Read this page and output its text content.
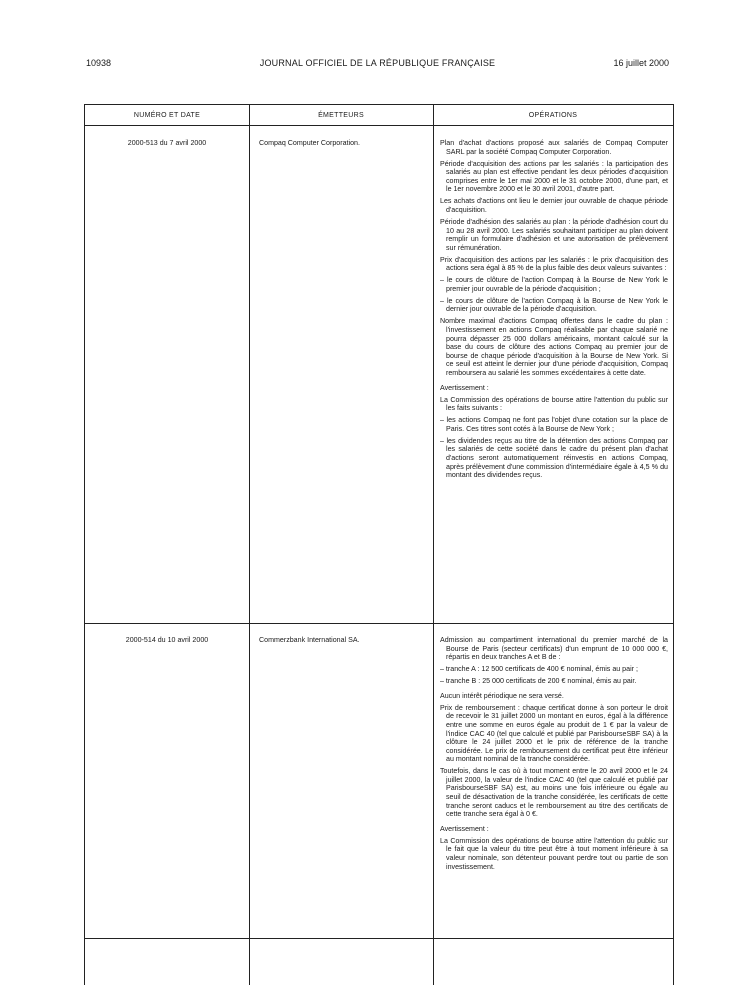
10938	JOURNAL OFFICIEL DE LA RÉPUBLIQUE FRANÇAISE	16 juillet 2000
NUMÉRO ET DATE	ÉMETTEURS	OPÉRATIONS
2000-513 du 7 avril 2000	Compaq Computer Corporation.	Plan d'achat d'actions proposé aux salariés de Compaq Computer SARL par la société Compaq Computer Corporation.

Période d'acquisition des actions par les salariés : la participation des salariés au plan est effective pendant les deux périodes d'acquisition comprises entre le 1er mai 2000 et le 31 octobre 2000, d'une part, et le 1er novembre 2000 et le 30 avril 2001, d'autre part.

Les achats d'actions ont lieu le dernier jour ouvrable de chaque période d'acquisition.

Période d'adhésion des salariés au plan : la période d'adhésion court du 10 au 28 avril 2000. Les salariés souhaitant participer au plan doivent remplir un formulaire d'adhésion et une autorisation de prélèvement sur rémunération.

Prix d'acquisition des actions par les salariés : le prix d'acquisition des actions sera égal à 85 % de la plus faible des deux valeurs suivantes :

– le cours de clôture de l'action Compaq à la Bourse de New York le premier jour ouvrable de la période d'acquisition ;

– le cours de clôture de l'action Compaq à la Bourse de New York le dernier jour ouvrable de la période d'acquisition.

Nombre maximal d'actions Compaq offertes dans le cadre du plan : l'investissement en actions Compaq réalisable par chaque salarié ne pourra dépasser 25 000 dollars américains, montant calculé sur la base du cours de clôture des actions Compaq au premier jour de bourse de chaque période d'acquisition à la Bourse de New York. Si ce seuil est atteint le dernier jour d'une période d'acquisition, Compaq remboursera au salarié les sommes excédentaires à cette date.

Avertissement :

La Commission des opérations de bourse attire l'attention du public sur les faits suivants :

– les actions Compaq ne font pas l'objet d'une cotation sur la place de Paris. Ces titres sont cotés à la Bourse de New York ;

– les dividendes reçus au titre de la détention des actions Compaq par les salariés de cette société dans le cadre du présent plan d'achat d'actions seront automatiquement réinvestis en actions Compaq, après prélèvement d'une commission d'intermédiaire égale à 4,5 % du montant des dividendes reçus.

2000-514 du 10 avril 2000	Commerzbank International SA.	Admission au compartiment international du premier marché de la Bourse de Paris (secteur certificats) d'un emprunt de 10 000 000 €, répartis en deux tranches A et B de :

– tranche A : 12 500 certificats de 400 € nominal, émis au pair ;

– tranche B : 25 000 certificats de 200 € nominal, émis au pair.

Aucun intérêt périodique ne sera versé.

Prix de remboursement : chaque certificat donne à son porteur le droit de recevoir le 31 juillet 2000 un montant en euros, égal à la différence entre une somme en euros égale au produit de 1 € par la valeur de l'indice CAC 40 (tel que calculé et publié par ParisbourseSBF SA) à la clôture le 24 juillet 2000 et le prix de référence de la tranche considérée. Le prix de remboursement du certificat peut être inférieur au montant nominal de la tranche considérée.

Toutefois, dans le cas où à tout moment entre le 20 avril 2000 et le 24 juillet 2000, la valeur de l'indice CAC 40 (tel que calculé et publié par ParisbourseSBF SA) est, au moins une fois inférieure ou égale au seuil de désactivation de la tranche considérée, les certificats de cette tranche seront caducs et le remboursement au titre des certificats de cette tranche sera égal à 0 €.

Avertissement :

La Commission des opérations de bourse attire l'attention du public sur le fait que la valeur du titre peut être à tout moment inférieure à sa valeur nominale, son détenteur pouvant perdre tout ou partie de son investissement.
